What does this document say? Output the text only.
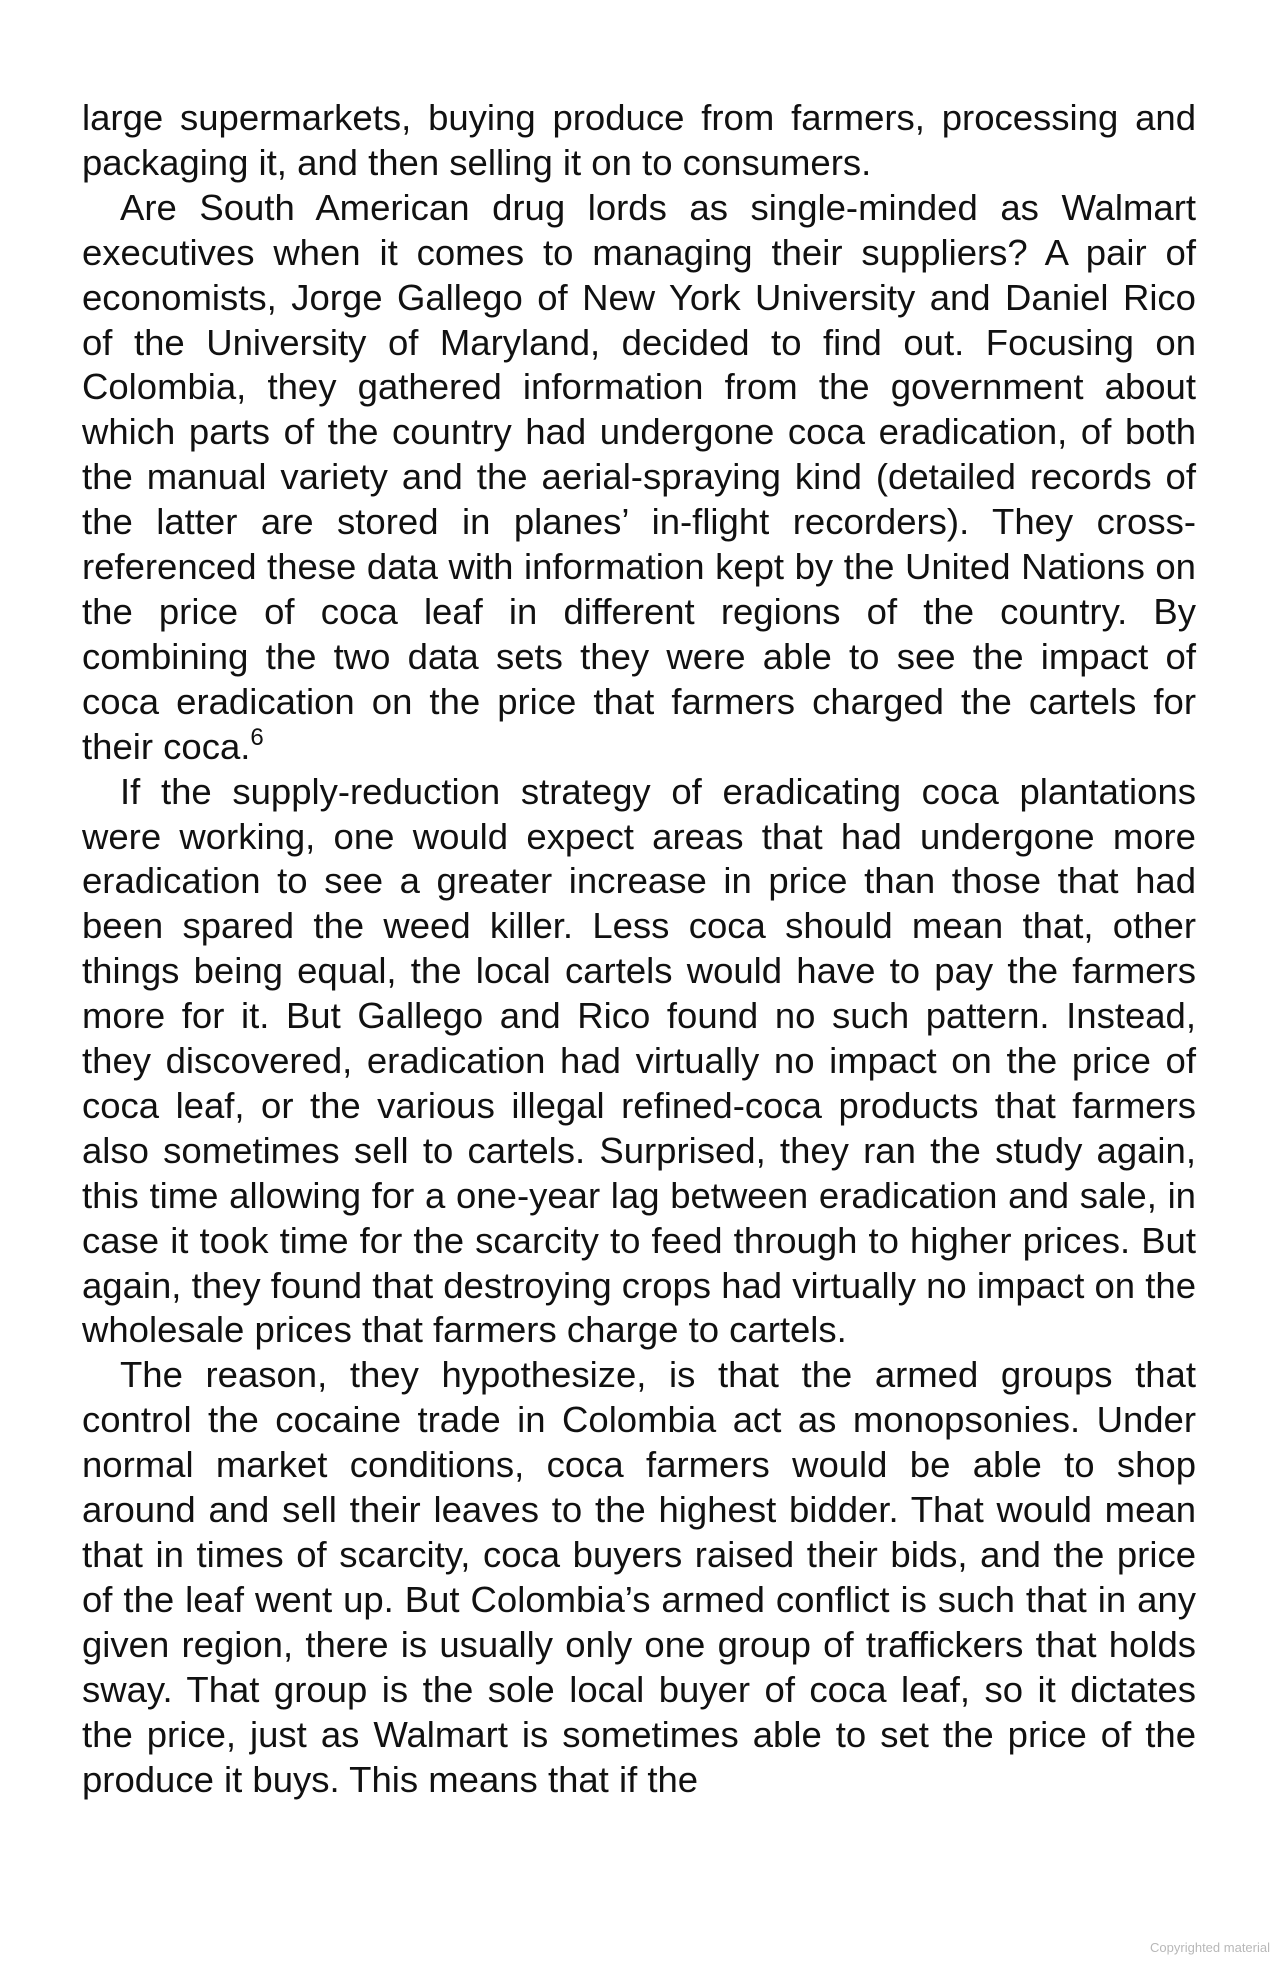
large supermarkets, buying produce from farmers, processing and packaging it, and then selling it on to consumers.

Are South American drug lords as single-minded as Walmart executives when it comes to managing their suppliers? A pair of economists, Jorge Gallego of New York University and Daniel Rico of the University of Maryland, decided to find out. Focusing on Colombia, they gathered information from the government about which parts of the country had undergone coca eradication, of both the manual variety and the aerial-spraying kind (detailed records of the latter are stored in planes’ in-flight recorders). They cross-referenced these data with information kept by the United Nations on the price of coca leaf in different regions of the country. By combining the two data sets they were able to see the impact of coca eradication on the price that farmers charged the cartels for their coca.$^6$

If the supply-reduction strategy of eradicating coca plantations were working, one would expect areas that had undergone more eradication to see a greater increase in price than those that had been spared the weed killer. Less coca should mean that, other things being equal, the local cartels would have to pay the farmers more for it. But Gallego and Rico found no such pattern. Instead, they discovered, eradication had virtually no impact on the price of coca leaf, or the various illegal refined-coca products that farmers also sometimes sell to cartels. Surprised, they ran the study again, this time allowing for a one-year lag between eradication and sale, in case it took time for the scarcity to feed through to higher prices. But again, they found that destroying crops had virtually no impact on the wholesale prices that farmers charge to cartels.

The reason, they hypothesize, is that the armed groups that control the cocaine trade in Colombia act as monopsonies. Under normal market conditions, coca farmers would be able to shop around and sell their leaves to the highest bidder. That would mean that in times of scarcity, coca buyers raised their bids, and the price of the leaf went up. But Colombia’s armed conflict is such that in any given region, there is usually only one group of traffickers that holds sway. That group is the sole local buyer of coca leaf, so it dictates the price, just as Walmart is sometimes able to set the price of the produce it buys. This means that if the

Copyrighted material
